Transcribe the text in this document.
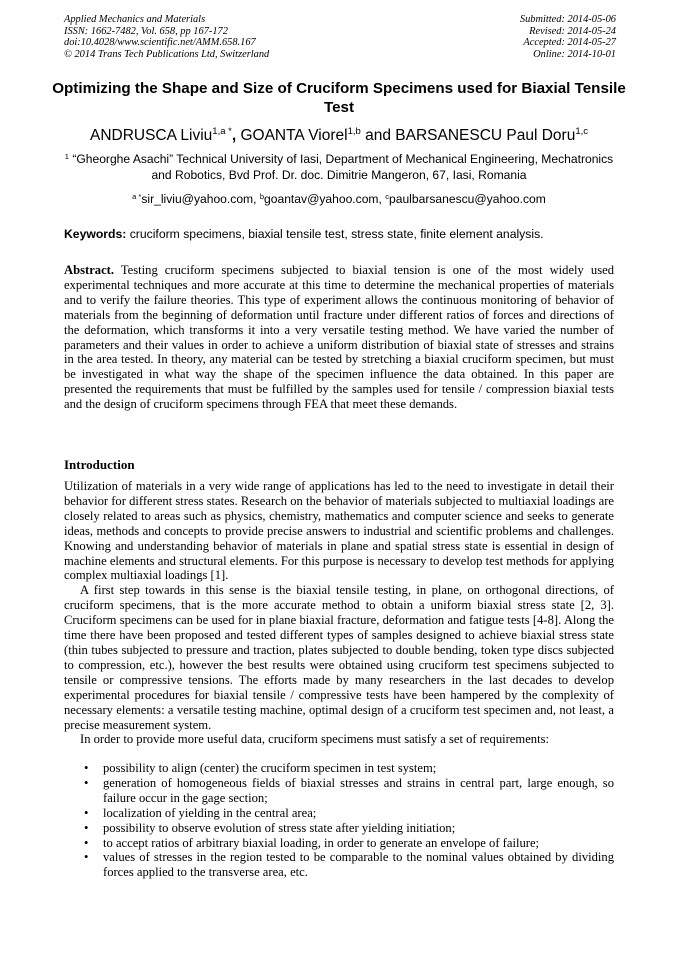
Applied Mechanics and Materials
ISSN: 1662-7482, Vol. 658, pp 167-172
doi:10.4028/www.scientific.net/AMM.658.167
© 2014 Trans Tech Publications Ltd, Switzerland
Submitted: 2014-05-06
Revised: 2014-05-24
Accepted: 2014-05-27
Online: 2014-10-01
Optimizing the Shape and Size of Cruciform Specimens used for Biaxial Tensile Test
ANDRUSCA Liviu$^{1,a *}$, GOANTA Viorel$^{1,b}$ and BARSANESCU Paul Doru$^{1,c}$
$^1$ “Gheorghe Asachi” Technical University of Iasi, Department of Mechanical Engineering, Mechatronics and Robotics, Bvd Prof. Dr. doc. Dimitrie Mangeron, 67, Iasi, Romania
$^{a *}$sir_liviu@yahoo.com, $^b$goantav@yahoo.com, $^c$paulbarsanescu@yahoo.com
Keywords: cruciform specimens, biaxial tensile test, stress state, finite element analysis.
Abstract. Testing cruciform specimens subjected to biaxial tension is one of the most widely used experimental techniques and more accurate at this time to determine the mechanical properties of materials and to verify the failure theories. This type of experiment allows the continuous monitoring of behavior of materials from the beginning of deformation until fracture under different ratios of forces and directions of the deformation, which transforms it into a very versatile testing method. We have varied the number of parameters and their values in order to achieve a uniform distribution of biaxial state of stresses and strains in the area tested. In theory, any material can be tested by stretching a biaxial cruciform specimen, but must be investigated in what way the shape of the specimen influence the data obtained. In this paper are presented the requirements that must be fulfilled by the samples used for tensile / compression biaxial tests and the design of cruciform specimens through FEA that meet these demands.
Introduction

Utilization of materials in a very wide range of applications has led to the need to investigate in detail their behavior for different stress states. Research on the behavior of materials subjected to multiaxial loadings are closely related to areas such as physics, chemistry, mathematics and computer science and seeks to generate ideas, methods and concepts to provide precise answers to industrial and scientific problems and challenges. Knowing and understanding behavior of materials in plane and spatial stress state is essential in design of machine elements and structural elements. For this purpose is necessary to develop test methods for applying complex multiaxial loadings [1].

A first step towards in this sense is the biaxial tensile testing, in plane, on orthogonal directions, of cruciform specimens, that is the more accurate method to obtain a uniform biaxial stress state [2, 3]. Cruciform specimens can be used for in plane biaxial fracture, deformation and fatigue tests [4-8]. Along the time there have been proposed and tested different types of samples designed to achieve biaxial stress state (thin tubes subjected to pressure and traction, plates subjected to double bending, token type discs subjected to compression, etc.), however the best results were obtained using cruciform test specimens subjected to tensile or compressive tensions. The efforts made by many researchers in the last decades to develop experimental procedures for biaxial tensile / compressive tests have been hampered by the complexity of necessary elements: a versatile testing machine, optimal design of a cruciform test specimen and, not least, a precise measurement system.

In order to provide more useful data, cruciform specimens must satisfy a set of requirements:

• possibility to align (center) the cruciform specimen in test system;
• generation of homogeneous fields of biaxial stresses and strains in central part, large enough, so failure occur in the gage section;
• localization of yielding in the central area;
• possibility to observe evolution of stress state after yielding initiation;
• to accept ratios of arbitrary biaxial loading, in order to generate an envelope of failure;
• values of stresses in the region tested to be comparable to the nominal values obtained by dividing forces applied to the transverse area, etc.
